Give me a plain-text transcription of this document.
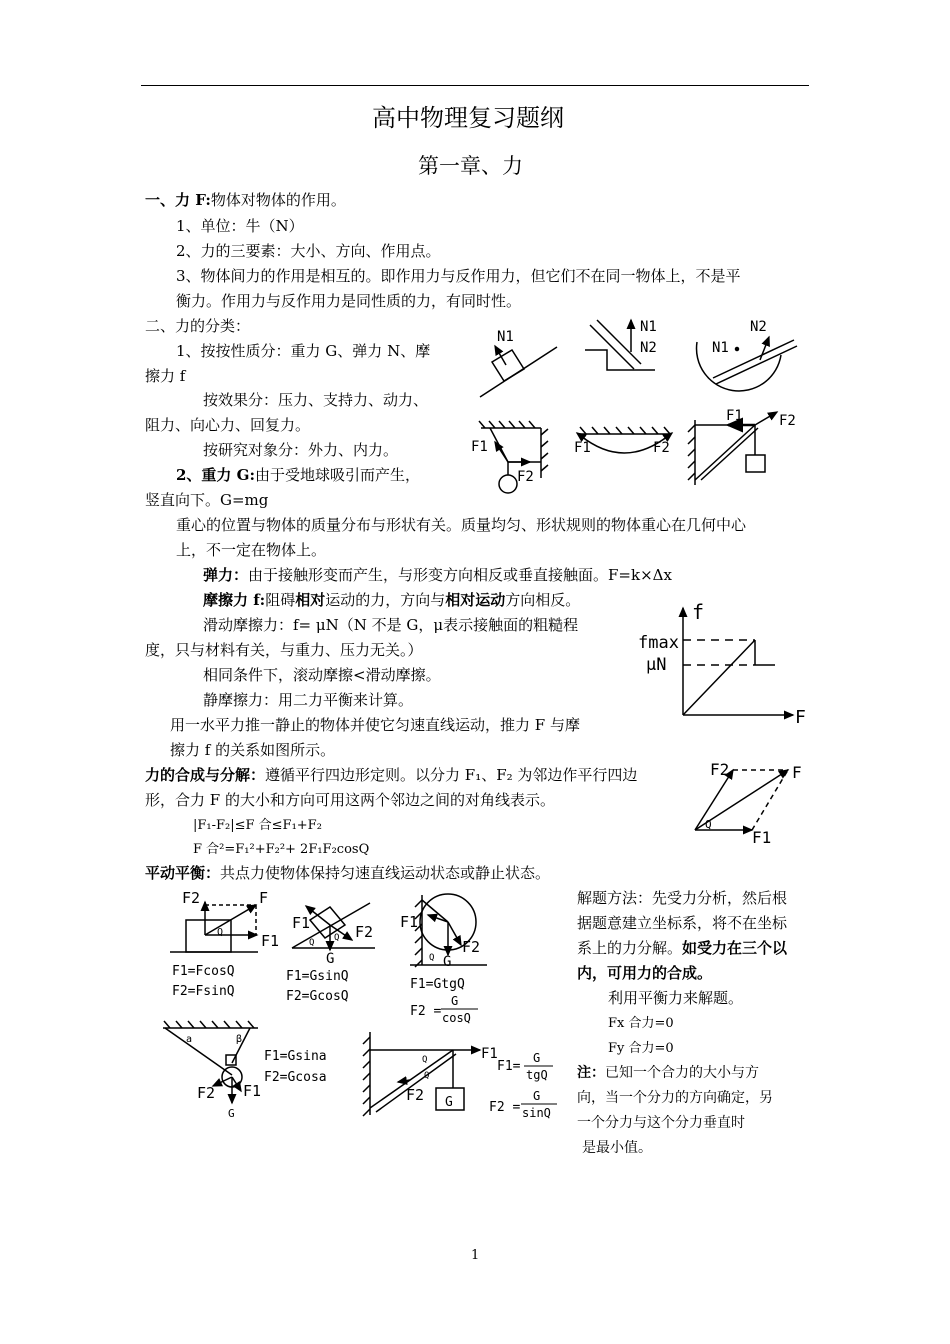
高中物理复习题纲
第一章、力
一、力 F:物体对物体的作用。
1、单位：牛（N）
2、力的三要素：大小、方向、作用点。
3、物体间力的作用是相互的。即作用力与反作用力，但它们不在同一物体上，不是平
衡力。作用力与反作用力是同性质的力，有同时性。
二、力的分类：
1、按按性质分：重力 G、弹力 N、摩
擦力 f
按效果分：压力、支持力、动力、
阻力、向心力、回复力。
按研究对象分：外力、内力。
2、重力 G:由于受地球吸引而产生，
竖直向下。G=mg
重心的位置与物体的质量分布与形状有关。质量均匀、形状规则的物体重心在几何中心
上，不一定在物体上。
弹力：由于接触形变而产生，与形变方向相反或垂直接触面。F=k×Δx
摩擦力 f:阻碍相对运动的力，方向与相对运动方向相反。
滑动摩擦力：f= μN（N 不是 G，μ表示接触面的粗糙程
度，只与材料有关，与重力、压力无关。）
相同条件下，滚动摩擦<滑动摩擦。
静摩擦力：用二力平衡来计算。
用一水平力推一静止的物体并使它匀速直线运动，推力 F 与摩
擦力 f 的关系如图所示。
力的合成与分解：遵循平行四边形定则。以分力 F₁、F₂ 为邻边作平行四边
形，合力 F 的大小和方向可用这两个邻边之间的对角线表示。
|F₁-F₂|≤F 合≤F₁+F₂
F 合²=F₁²+F₂²+ 2F₁F₂cosQ
平动平衡：共点力使物体保持匀速直线运动状态或静止状态。
解题方法：先受力分析，然后根
据题意建立坐标系，将不在坐标
系上的力分解。如受力在三个以
内，可用力的合成。
利用平衡力来解题。
Fx 合力=0
Fy 合力=0
注：已知一个合力的大小与方
向，当一个分力的方向确定，另
一个分力与这个分力垂直时
是最小值。
1
N1
N1
N2	N1
N2
F1
F2
F1	F2
F1	F2
f
F
fmax
μN
F2	F
F1
Q
F2	F
F1
Q
F1=FcosQ
F2=FsinQ
F1	F2
G
Q Q
F1=GsinQ
F2=GcosQ
F1
F2
G
Q
F1=GtgQ
F2 =
G
cosQ
a	β
F2 F1
G
F1=Gsina
F2=Gcosa
F1
F2 G
Q
Q
F1=
G
tgQ
F2 =
G
sinQ
